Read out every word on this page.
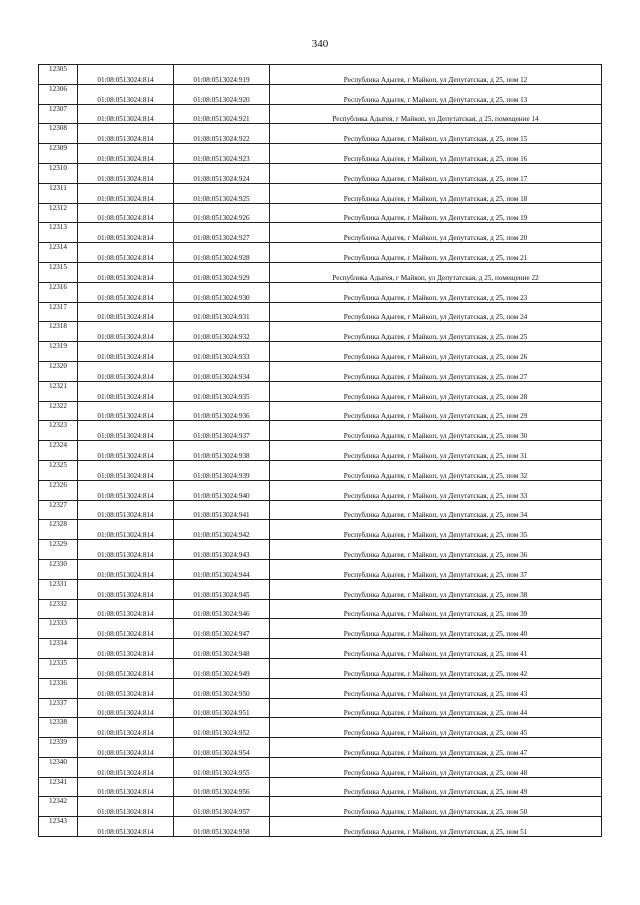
340
12305	01:08:0513024:814	01:08:0513024:919	Республика Адыгея, г Майкоп, ул Депутатская, д 25, пом 12
12306	01:08:0513024:814	01:08:0513024:920	Республика Адыгея, г Майкоп, ул Депутатская, д 25, пом 13
12307	01:08:0513024:814	01:08:0513024:921	Республика Адыгея, г Майкоп, ул Депутатская, д 25, помещение 14
12308	01:08:0513024:814	01:08:0513024:922	Республика Адыгея, г Майкоп, ул Депутатская, д 25, пом 15
12309	01:08:0513024:814	01:08:0513024:923	Республика Адыгея, г Майкоп, ул Депутатская, д 25, пом 16
12310	01:08:0513024:814	01:08:0513024:924	Республика Адыгея, г Майкоп, ул Депутатская, д 25, пом 17
12311	01:08:0513024:814	01:08:0513024:925	Республика Адыгея, г Майкоп, ул Депутатская, д 25, пом 18
12312	01:08:0513024:814	01:08:0513024:926	Республика Адыгея, г Майкоп, ул Депутатская, д 25, пом 19
12313	01:08:0513024:814	01:08:0513024:927	Республика Адыгея, г Майкоп, ул Депутатская, д 25, пом 20
12314	01:08:0513024:814	01:08:0513024:928	Республика Адыгея, г Майкоп, ул Депутатская, д 25, пом 21
12315	01:08:0513024:814	01:08:0513024:929	Республика Адыгея, г Майкоп, ул Депутатская, д 25, помещение 22
12316	01:08:0513024:814	01:08:0513024:930	Республика Адыгея, г Майкоп, ул Депутатская, д 25, пом 23
12317	01:08:0513024:814	01:08:0513024:931	Республика Адыгея, г Майкоп, ул Депутатская, д 25, пом 24
12318	01:08:0513024:814	01:08:0513024:932	Республика Адыгея, г Майкоп, ул Депутатская, д 25, пом 25
12319	01:08:0513024:814	01:08:0513024:933	Республика Адыгея, г Майкоп, ул Депутатская, д 25, пом 26
12320	01:08:0513024:814	01:08:0513024:934	Республика Адыгея, г Майкоп, ул Депутатская, д 25, пом 27
12321	01:08:0513024:814	01:08:0513024:935	Республика Адыгея, г Майкоп, ул Депутатская, д 25, пом 28
12322	01:08:0513024:814	01:08:0513024:936	Республика Адыгея, г Майкоп, ул Депутатская, д 25, пом 29
12323	01:08:0513024:814	01:08:0513024:937	Республика Адыгея, г Майкоп, ул Депутатская, д 25, пом 30
12324	01:08:0513024:814	01:08:0513024:938	Республика Адыгея, г Майкоп, ул Депутатская, д 25, пом 31
12325	01:08:0513024:814	01:08:0513024:939	Республика Адыгея, г Майкоп, ул Депутатская, д 25, пом 32
12326	01:08:0513024:814	01:08:0513024:940	Республика Адыгея, г Майкоп, ул Депутатская, д 25, пом 33
12327	01:08:0513024:814	01:08:0513024:941	Республика Адыгея, г Майкоп, ул Депутатская, д 25, пом 34
12328	01:08:0513024:814	01:08:0513024:942	Республика Адыгея, г Майкоп, ул Депутатская, д 25, пом 35
12329	01:08:0513024:814	01:08:0513024:943	Республика Адыгея, г Майкоп, ул Депутатская, д 25, пом 36
12330	01:08:0513024:814	01:08:0513024:944	Республика Адыгея, г Майкоп, ул Депутатская, д 25, пом 37
12331	01:08:0513024:814	01:08:0513024:945	Республика Адыгея, г Майкоп, ул Депутатская, д 25, пом 38
12332	01:08:0513024:814	01:08:0513024:946	Республика Адыгея, г Майкоп, ул Депутатская, д 25, пом 39
12333	01:08:0513024:814	01:08:0513024:947	Республика Адыгея, г Майкоп, ул Депутатская, д 25, пом 40
12334	01:08:0513024:814	01:08:0513024:948	Республика Адыгея, г Майкоп, ул Депутатская, д 25, пом 41
12335	01:08:0513024:814	01:08:0513024:949	Республика Адыгея, г Майкоп, ул Депутатская, д 25, пом 42
12336	01:08:0513024:814	01:08:0513024:950	Республика Адыгея, г Майкоп, ул Депутатская, д 25, пом 43
12337	01:08:0513024:814	01:08:0513024:951	Республика Адыгея, г Майкоп, ул Депутатская, д 25, пом 44
12338	01:08:0513024:814	01:08:0513024:952	Республика Адыгея, г Майкоп, ул Депутатская, д 25, пом 45
12339	01:08:0513024:814	01:08:0513024:954	Республика Адыгея, г Майкоп, ул Депутатская, д 25, пом 47
12340	01:08:0513024:814	01:08:0513024:955	Республика Адыгея, г Майкоп, ул Депутатская, д 25, пом 48
12341	01:08:0513024:814	01:08:0513024:956	Республика Адыгея, г Майкоп, ул Депутатская, д 25, пом 49
12342	01:08:0513024:814	01:08:0513024:957	Республика Адыгея, г Майкоп, ул Депутатская, д 25, пом 50
12343	01:08:0513024:814	01:08:0513024:958	Республика Адыгея, г Майкоп, ул Депутатская, д 25, пом 51
